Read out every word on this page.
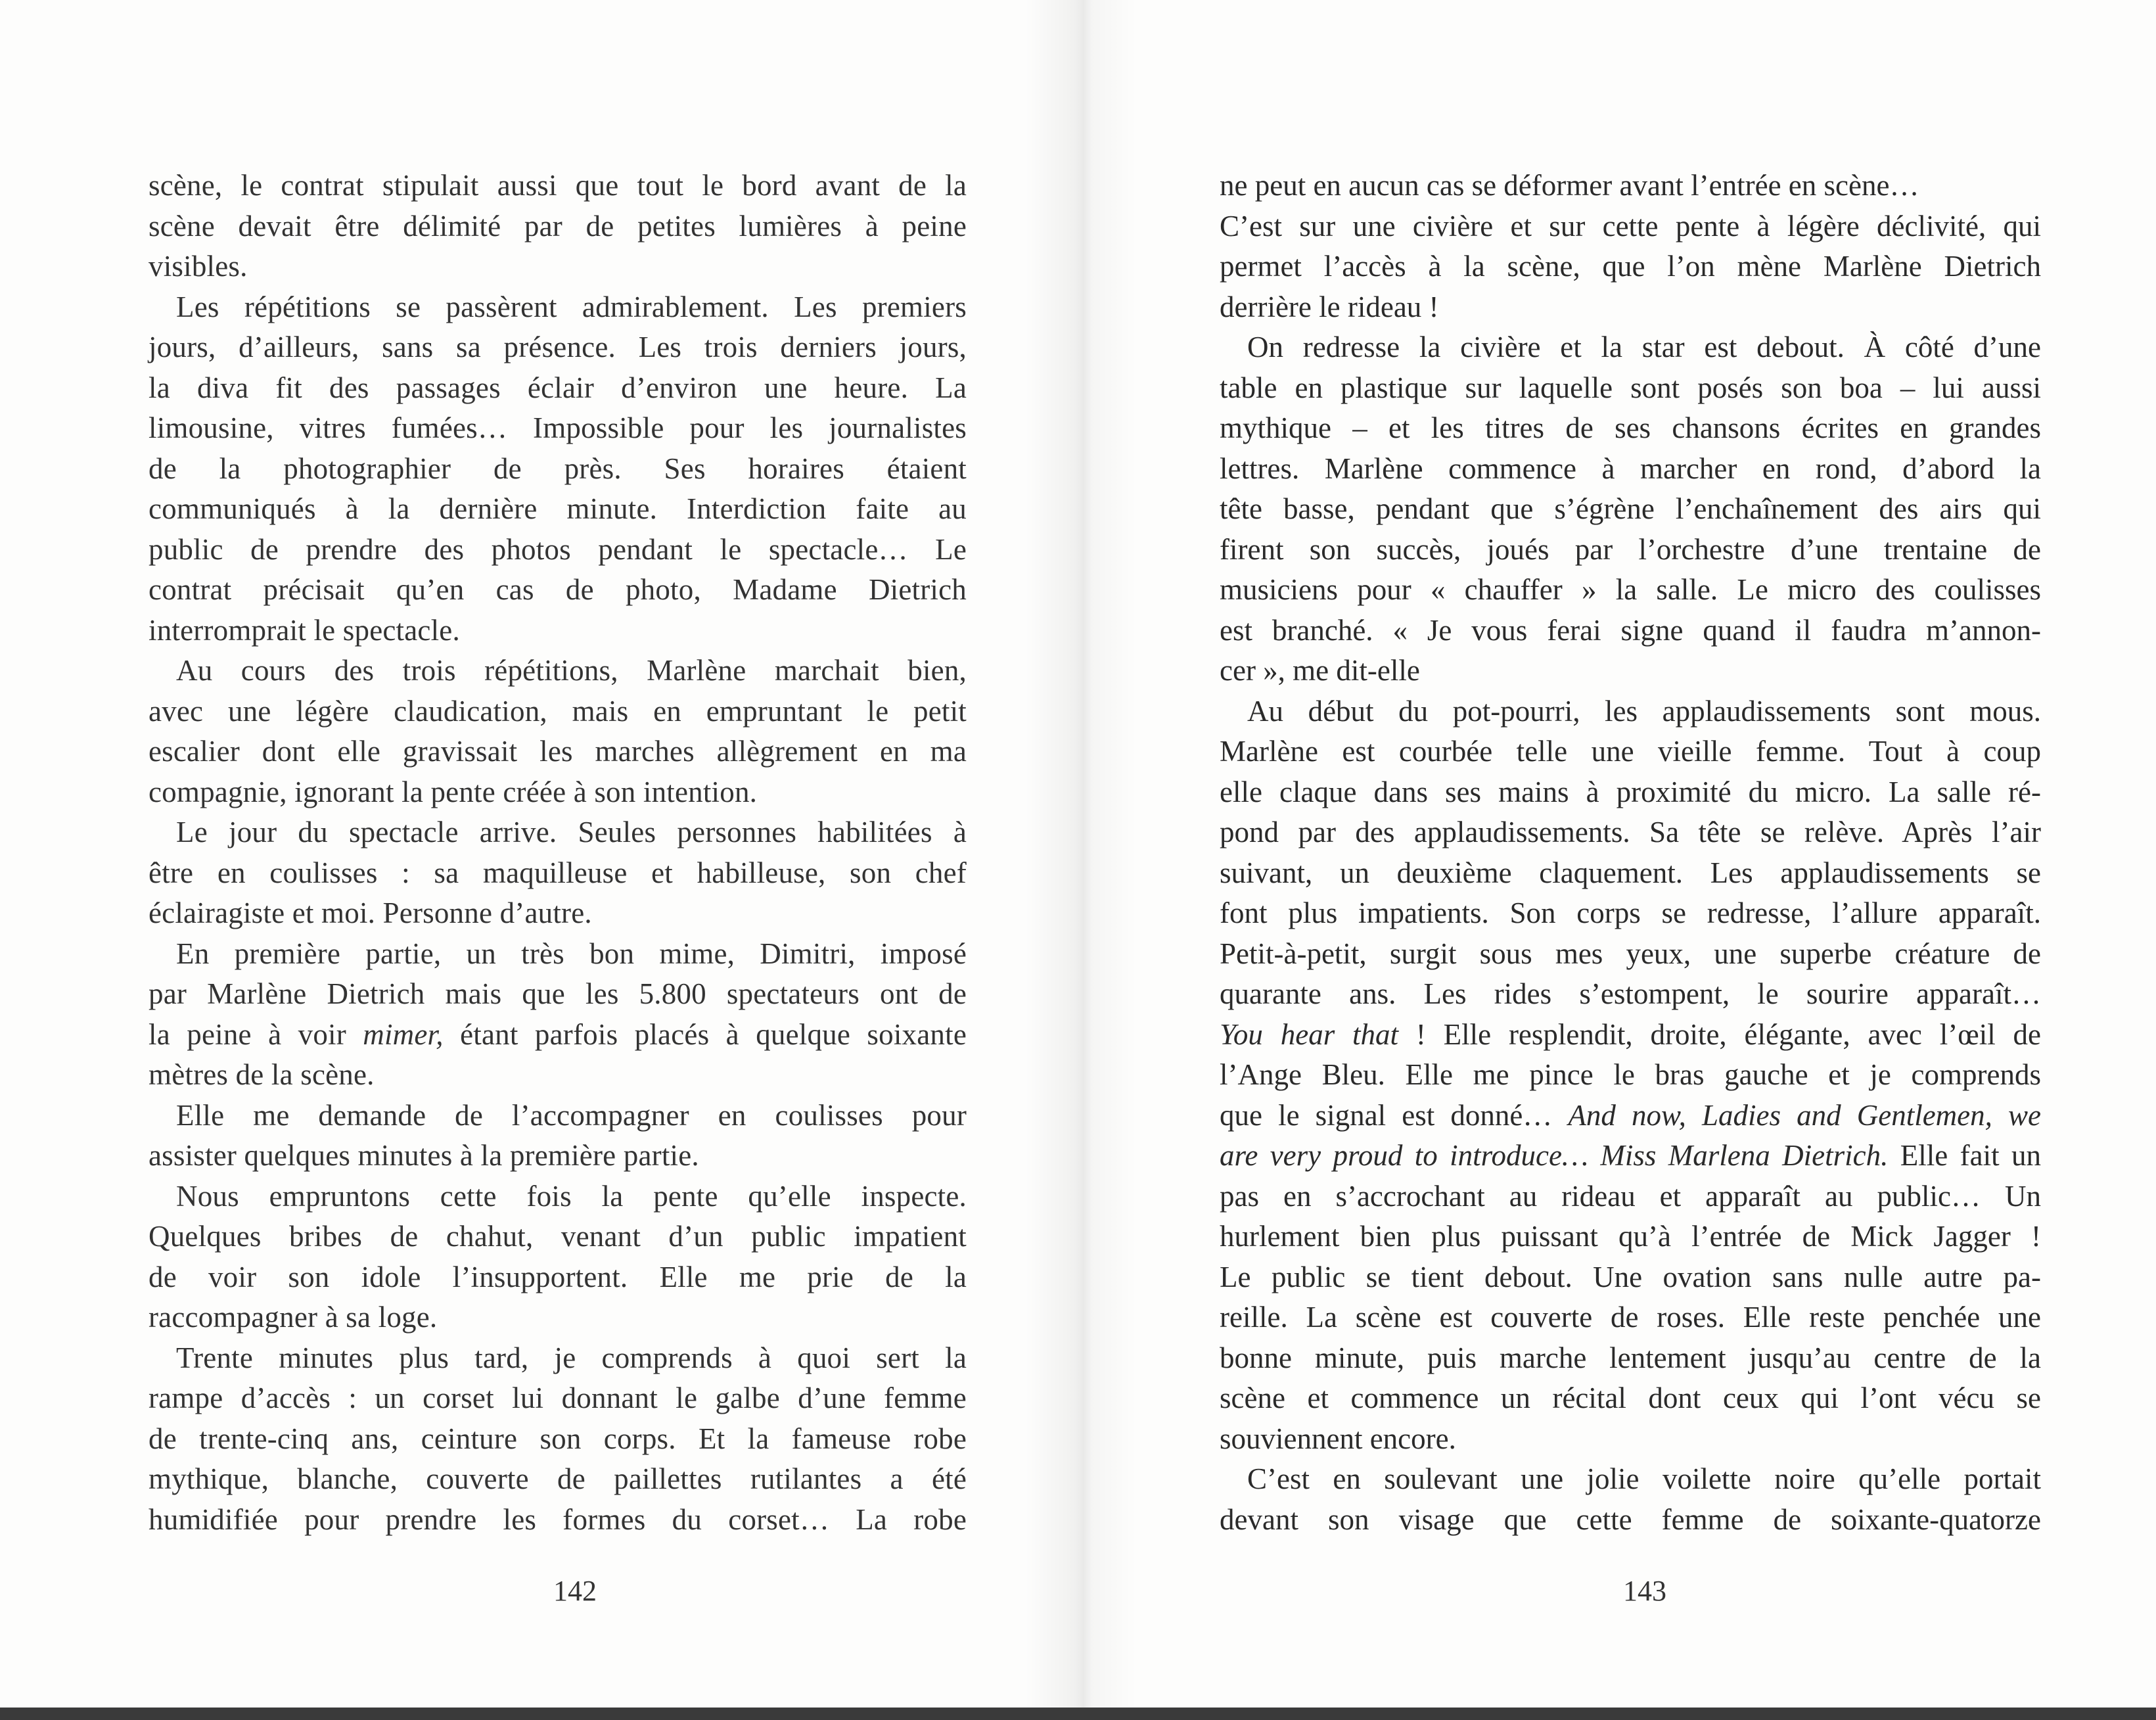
scène, le contrat stipulait aussi que tout le bord avant de la
scène devait être délimité par de petites lumières à peine
visibles.
Les répétitions se passèrent admirablement. Les premiers
jours, d’ailleurs, sans sa présence. Les trois derniers jours,
la diva fit des passages éclair d’environ une heure. La
limousine, vitres fumées… Impossible pour les journalistes
de la photographier de près. Ses horaires étaient
communiqués à la dernière minute. Interdiction faite au
public de prendre des photos pendant le spectacle… Le
contrat précisait qu’en cas de photo, Madame Dietrich
interromprait le spectacle.
Au cours des trois répétitions, Marlène marchait bien,
avec une légère claudication, mais en empruntant le petit
escalier dont elle gravissait les marches allègrement en ma
compagnie, ignorant la pente créée à son intention.
Le jour du spectacle arrive. Seules personnes habilitées à
être en coulisses : sa maquilleuse et habilleuse, son chef
éclairagiste et moi. Personne d’autre.
En première partie, un très bon mime, Dimitri, imposé
par Marlène Dietrich mais que les 5.800 spectateurs ont de
la peine à voir mimer, étant parfois placés à quelque soixante
mètres de la scène.
Elle me demande de l’accompagner en coulisses pour
assister quelques minutes à la première partie.
Nous empruntons cette fois la pente qu’elle inspecte.
Quelques bribes de chahut, venant d’un public impatient
de voir son idole l’insupportent. Elle me prie de la
raccompagner à sa loge.
Trente minutes plus tard, je comprends à quoi sert la
rampe d’accès : un corset lui donnant le galbe d’une femme
de trente-cinq ans, ceinture son corps. Et la fameuse robe
mythique, blanche, couverte de paillettes rutilantes a été
humidifiée pour prendre les formes du corset… La robe
ne peut en aucun cas se déformer avant l’entrée en scène…
C’est sur une civière et sur cette pente à légère déclivité, qui
permet l’accès à la scène, que l’on mène Marlène Dietrich
derrière le rideau !
On redresse la civière et la star est debout. À côté d’une
table en plastique sur laquelle sont posés son boa – lui aussi
mythique – et les titres de ses chansons écrites en grandes
lettres. Marlène commence à marcher en rond, d’abord la
tête basse, pendant que s’égrène l’enchaînement des airs qui
firent son succès, joués par l’orchestre d’une trentaine de
musiciens pour « chauffer » la salle. Le micro des coulisses
est branché. « Je vous ferai signe quand il faudra m’annon-
cer », me dit-elle
Au début du pot-pourri, les applaudissements sont mous.
Marlène est courbée telle une vieille femme. Tout à coup
elle claque dans ses mains à proximité du micro. La salle ré-
pond par des applaudissements. Sa tête se relève. Après l’air
suivant, un deuxième claquement. Les applaudissements se
font plus impatients. Son corps se redresse, l’allure apparaît.
Petit-à-petit, surgit sous mes yeux, une superbe créature de
quarante ans. Les rides s’estompent, le sourire apparaît…
You hear that ! Elle resplendit, droite, élégante, avec l’œil de
l’Ange Bleu. Elle me pince le bras gauche et je comprends
que le signal est donné… And now, Ladies and Gentlemen, we
are very proud to introduce… Miss Marlena Dietrich. Elle fait un
pas en s’accrochant au rideau et apparaît au public… Un
hurlement bien plus puissant qu’à l’entrée de Mick Jagger !
Le public se tient debout. Une ovation sans nulle autre pa-
reille. La scène est couverte de roses. Elle reste penchée une
bonne minute, puis marche lentement jusqu’au centre de la
scène et commence un récital dont ceux qui l’ont vécu se
souviennent encore.
C’est en soulevant une jolie voilette noire qu’elle portait
devant son visage que cette femme de soixante-quatorze
142	143
